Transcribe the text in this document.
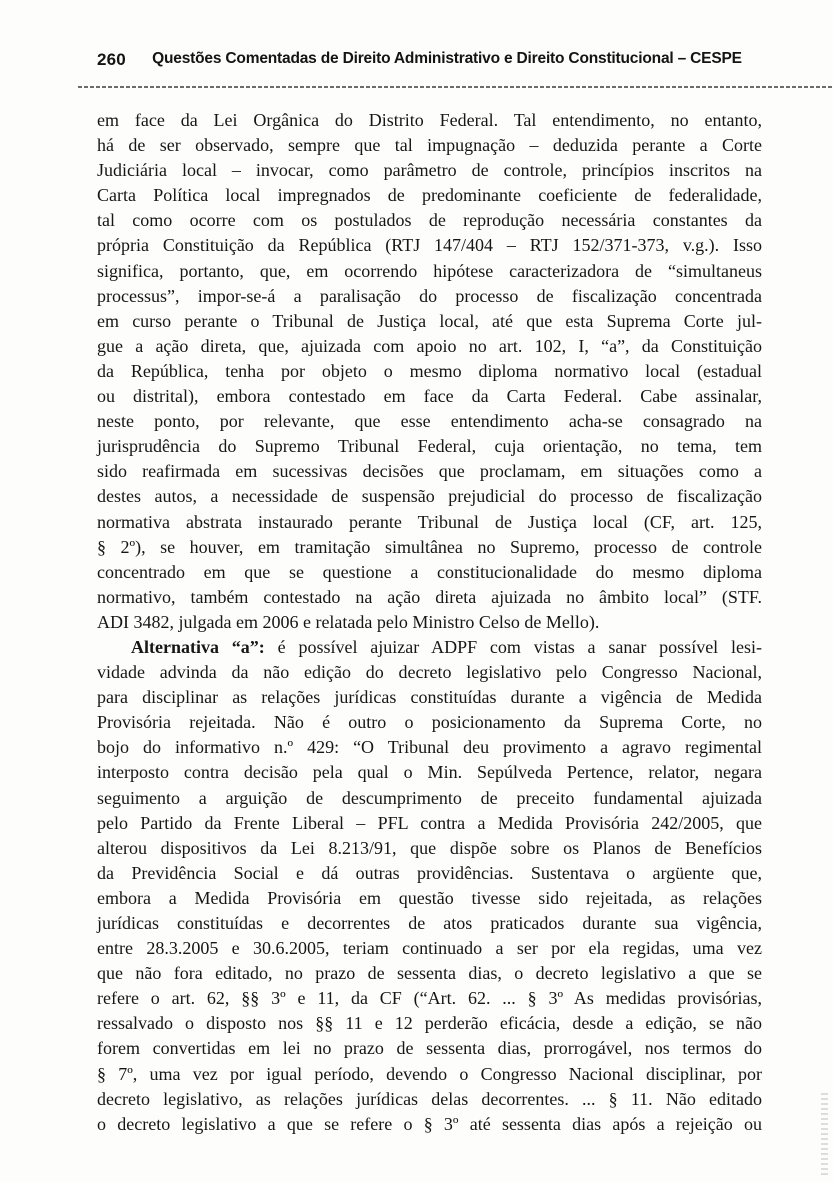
260 Questões Comentadas de Direito Administrativo e Direito Constitucional – CESPE

em face da Lei Orgânica do Distrito Federal. Tal entendimento, no entanto,
há de ser observado, sempre que tal impugnação – deduzida perante a Corte
Judiciária local – invocar, como parâmetro de controle, princípios inscritos na
Carta Política local impregnados de predominante coeficiente de federalidade,
tal como ocorre com os postulados de reprodução necessária constantes da
própria Constituição da República (RTJ 147/404 – RTJ 152/371-373, v.g.). Isso
significa, portanto, que, em ocorrendo hipótese caracterizadora de “simultaneus
processus”, impor-se-á a paralisação do processo de fiscalização concentrada
em curso perante o Tribunal de Justiça local, até que esta Suprema Corte jul-
gue a ação direta, que, ajuizada com apoio no art. 102, I, “a”, da Constituição
da República, tenha por objeto o mesmo diploma normativo local (estadual
ou distrital), embora contestado em face da Carta Federal. Cabe assinalar,
neste ponto, por relevante, que esse entendimento acha-se consagrado na
jurisprudência do Supremo Tribunal Federal, cuja orientação, no tema, tem
sido reafirmada em sucessivas decisões que proclamam, em situações como a
destes autos, a necessidade de suspensão prejudicial do processo de fiscalização
normativa abstrata instaurado perante Tribunal de Justiça local (CF, art. 125,
§ 2º), se houver, em tramitação simultânea no Supremo, processo de controle
concentrado em que se questione a constitucionalidade do mesmo diploma
normativo, também contestado na ação direta ajuizada no âmbito local” (STF.
ADI 3482, julgada em 2006 e relatada pelo Ministro Celso de Mello).

Alternativa “a”: é possível ajuizar ADPF com vistas a sanar possível lesi-
vidade advinda da não edição do decreto legislativo pelo Congresso Nacional,
para disciplinar as relações jurídicas constituídas durante a vigência de Medida
Provisória rejeitada. Não é outro o posicionamento da Suprema Corte, no
bojo do informativo n.º 429: “O Tribunal deu provimento a agravo regimental
interposto contra decisão pela qual o Min. Sepúlveda Pertence, relator, negara
seguimento a arguição de descumprimento de preceito fundamental ajuizada
pelo Partido da Frente Liberal – PFL contra a Medida Provisória 242/2005, que
alterou dispositivos da Lei 8.213/91, que dispõe sobre os Planos de Benefícios
da Previdência Social e dá outras providências. Sustentava o argüente que,
embora a Medida Provisória em questão tivesse sido rejeitada, as relações
jurídicas constituídas e decorrentes de atos praticados durante sua vigência,
entre 28.3.2005 e 30.6.2005, teriam continuado a ser por ela regidas, uma vez
que não fora editado, no prazo de sessenta dias, o decreto legislativo a que se
refere o art. 62, §§ 3º e 11, da CF (“Art. 62. ... § 3º As medidas provisórias,
ressalvado o disposto nos §§ 11 e 12 perderão eficácia, desde a edição, se não
forem convertidas em lei no prazo de sessenta dias, prorrogável, nos termos do
§ 7º, uma vez por igual período, devendo o Congresso Nacional disciplinar, por
decreto legislativo, as relações jurídicas delas decorrentes. ... § 11. Não editado
o decreto legislativo a que se refere o § 3º até sessenta dias após a rejeição ou
